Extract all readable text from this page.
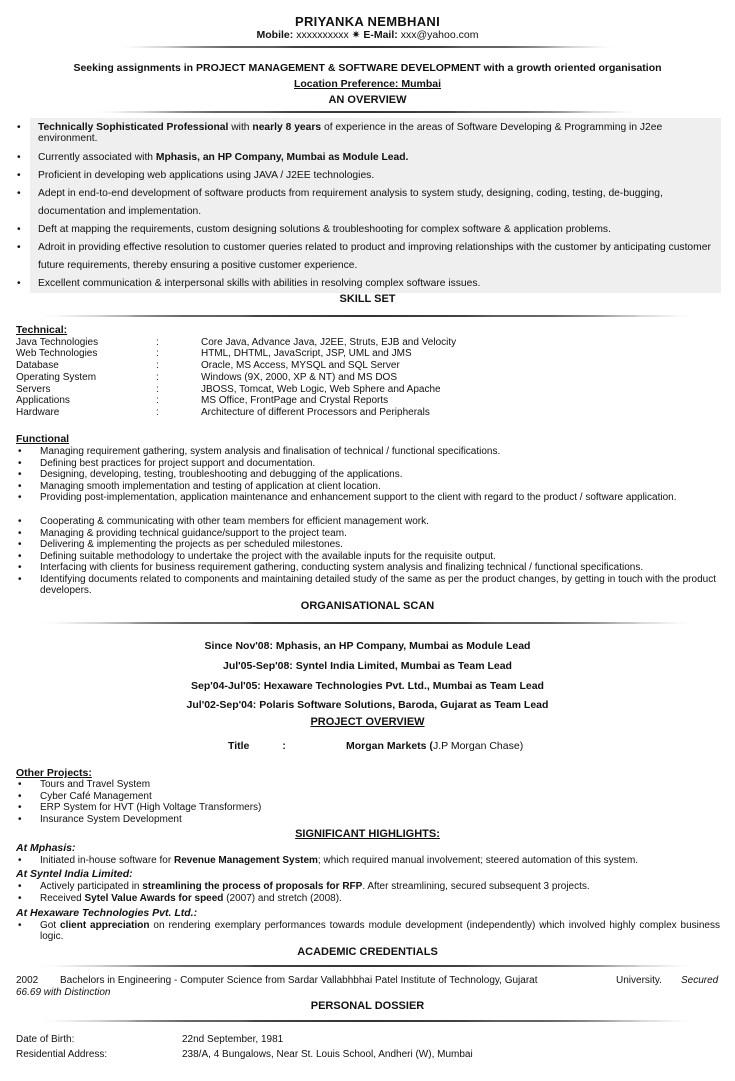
PRIYANKA NEMBHANI
Mobile: xxxxxxxxxx ✷ E-Mail: xxx@yahoo.com
Seeking assignments in PROJECT MANAGEMENT & SOFTWARE DEVELOPMENT with a growth oriented organisation
Location Preference: Mumbai
AN OVERVIEW
• Technically Sophisticated Professional with nearly 8 years of experience in the areas of Software Developing & Programming in J2ee environment.
• Currently associated with Mphasis, an HP Company, Mumbai as Module Lead.
• Proficient in developing web applications using JAVA / J2EE technologies.
• Adept in end-to-end development of software products from requirement analysis to system study, designing, coding, testing, de-bugging, documentation and implementation.
• Deft at mapping the requirements, custom designing solutions & troubleshooting for complex software & application problems.
• Adroit in providing effective resolution to customer queries related to product and improving relationships with the customer by anticipating customer future requirements, thereby ensuring a positive customer experience.
• Excellent communication & interpersonal skills with abilities in resolving complex software issues.
SKILL SET
Technical:
Java Technologies	:	Core Java, Advance Java, J2EE, Struts, EJB and Velocity
Web Technologies	:	HTML, DHTML, JavaScript, JSP, UML and JMS
Database	:	Oracle, MS Access, MYSQL and SQL Server
Operating System	:	Windows (9X, 2000, XP & NT) and MS DOS
Servers	:	JBOSS, Tomcat, Web Logic, Web Sphere and Apache
Applications	:	MS Office, FrontPage and Crystal Reports
Hardware	:	Architecture of different Processors and Peripherals
Functional
• Managing requirement gathering, system analysis and finalisation of technical / functional specifications.
• Defining best practices for project support and documentation.
• Designing, developing, testing, troubleshooting and debugging of the applications.
• Managing smooth implementation and testing of application at client location.
• Providing post-implementation, application maintenance and enhancement support to the client with regard to the product / software application.
• Cooperating & communicating with other team members for efficient management work.
• Managing & providing technical guidance/support to the project team.
• Delivering & implementing the projects as per scheduled milestones.
• Defining suitable methodology to undertake the project with the available inputs for the requisite output.
• Interfacing with clients for business requirement gathering, conducting system analysis and finalizing technical / functional specifications.
• Identifying documents related to components and maintaining detailed study of the same as per the product changes, by getting in touch with the product developers.
ORGANISATIONAL SCAN
Since Nov'08: Mphasis, an HP Company, Mumbai as Module Lead
Jul'05-Sep'08: Syntel India Limited, Mumbai as Team Lead
Sep'04-Jul'05: Hexaware Technologies Pvt. Ltd., Mumbai as Team Lead
Jul'02-Sep'04: Polaris Software Solutions, Baroda, Gujarat as Team Lead
PROJECT OVERVIEW
Title	:	Morgan Markets (J.P Morgan Chase)
Other Projects:
• Tours and Travel System
• Cyber Café Management
• ERP System for HVT (High Voltage Transformers)
• Insurance System Development
SIGNIFICANT HIGHLIGHTS:
At Mphasis:
• Initiated in-house software for Revenue Management System; which required manual involvement; steered automation of this system.
At Syntel India Limited:
• Actively participated in streamlining the process of proposals for RFP. After streamlining, secured subsequent 3 projects.
• Received Sytel Value Awards for speed (2007) and stretch (2008).
At Hexaware Technologies Pvt. Ltd.:
• Got client appreciation on rendering exemplary performances towards module development (independently) which involved highly complex business logic.
ACADEMIC CREDENTIALS
2002 Bachelors in Engineering - Computer Science from Sardar Vallabhbhai Patel Institute of Technology, Gujarat	University. Secured
66.69 with Distinction
PERSONAL DOSSIER
Date of Birth:	22nd September, 1981
Residential Address:	238/A, 4 Bungalows, Near St. Louis School, Andheri (W), Mumbai
